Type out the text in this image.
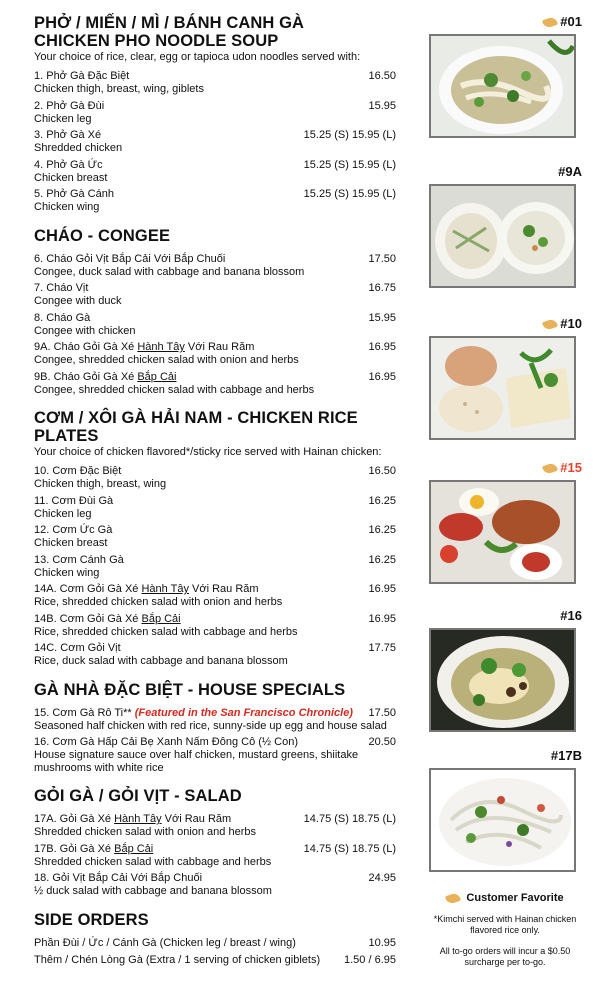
PHỞ / MIẾN / MÌ / BÁNH CANH GÀ
CHICKEN PHO NOODLE SOUP
Your choice of rice, clear, egg or tapioca udon noodles served with:
1. Phở Gà Đặc Biệt	16.50
Chicken thigh, breast, wing, giblets
2. Phở Gà Đùi	15.95
Chicken leg
3. Phở Gà Xé	15.25 (S) 15.95 (L)
Shredded chicken
4. Phở Gà Ức	15.25 (S) 15.95 (L)
Chicken breast
5. Phở Gà Cánh	15.25 (S) 15.95 (L)
Chicken wing
CHÁO - CONGEE
6. Cháo Gỏi Vịt Bắp Cải Với Bắp Chuối	17.50
Congee, duck salad with cabbage and banana blossom
7. Cháo Vịt	16.75
Congee with duck
8. Cháo Gà	15.95
Congee with chicken
9A. Cháo Gỏi Gà Xé Hành Tây Với Rau Răm	16.95
Congee, shredded chicken salad with onion and herbs
9B. Cháo Gỏi Gà Xé Bắp Cải	16.95
Congee, shredded chicken salad with cabbage and herbs
CƠM / XÔI GÀ HẢI NAM - CHICKEN RICE PLATES
Your choice of chicken flavored*/sticky rice served with Hainan chicken:
10. Cơm Đặc Biệt	16.50
Chicken thigh, breast, wing
11. Cơm Đùi Gà	16.25
Chicken leg
12. Cơm Ức Gà	16.25
Chicken breast
13. Cơm Cánh Gà	16.25
Chicken wing
14A. Cơm Gỏi Gà Xé Hành Tây Với Rau Răm	16.95
Rice, shredded chicken salad with onion and herbs
14B. Cơm Gỏi Gà Xé Bắp Cải	16.95
Rice, shredded chicken salad with cabbage and herbs
14C. Cơm Gỏi Vịt	17.75
Rice, duck salad with cabbage and banana blossom
GÀ NHÀ ĐẶC BIỆT - HOUSE SPECIALS
15. Cơm Gà Rô Ti** (Featured in the San Francisco Chronicle) 17.50
Seasoned half chicken with red rice, sunny-side up egg and house salad
16. Cơm Gà Hấp Cải Bẹ Xanh Nấm Đông Cô (½ Con)	20.50
House signature sauce over half chicken, mustard greens, shiitake mushrooms with white rice
GỎI GÀ / GỎI VỊT - SALAD
17A. Gỏi Gà Xé Hành Tây Với Rau Răm	14.75 (S) 18.75 (L)
Shredded chicken salad with onion and herbs
17B. Gỏi Gà Xé Bắp Cải	14.75 (S) 18.75 (L)
Shredded chicken salad with cabbage and herbs
18. Gỏi Vịt Bắp Cải Với Bắp Chuối	24.95
½ duck salad with cabbage and banana blossom
SIDE ORDERS
Phần Đùi / Ức / Cánh Gà (Chicken leg / breast / wing)	10.95
Thêm / Chén Lòng Gà (Extra / 1 serving of chicken giblets) 1.50 / 6.95
#01
#9A
#10
#15
#16
#17B
Customer Favorite
*Kimchi served with Hainan chicken flavored rice only.
All to-go orders will incur a $0.50 surcharge per to-go.
